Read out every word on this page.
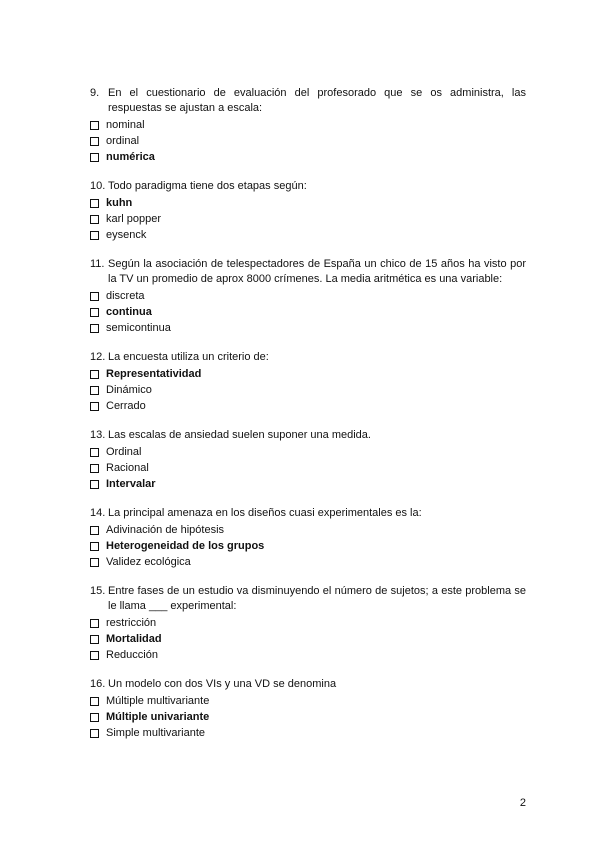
9. En el cuestionario de evaluación del profesorado que se os administra, las respuestas se ajustan a escala:
nominal
ordinal
numérica
10. Todo paradigma tiene dos etapas según:
kuhn
karl popper
eysenck
11. Según la asociación de telespectadores de España un chico de 15 años ha visto por la TV un promedio de aprox 8000 crímenes. La media aritmética es una variable:
discreta
continua
semicontinua
12. La encuesta utiliza un criterio de:
Representatividad
Dinámico
Cerrado
13. Las escalas de ansiedad suelen suponer una medida.
Ordinal
Racional
Intervalar
14. La principal amenaza en los diseños cuasi experimentales es la:
Adivinación de hipótesis
Heterogeneidad de los grupos
Validez ecológica
15. Entre fases de un estudio va disminuyendo el número de sujetos; a este problema se le llama ___ experimental:
restricción
Mortalidad
Reducción
16. Un modelo con dos VIs y una VD se denomina
Múltiple multivariante
Múltiple univariante
Simple multivariante
2
